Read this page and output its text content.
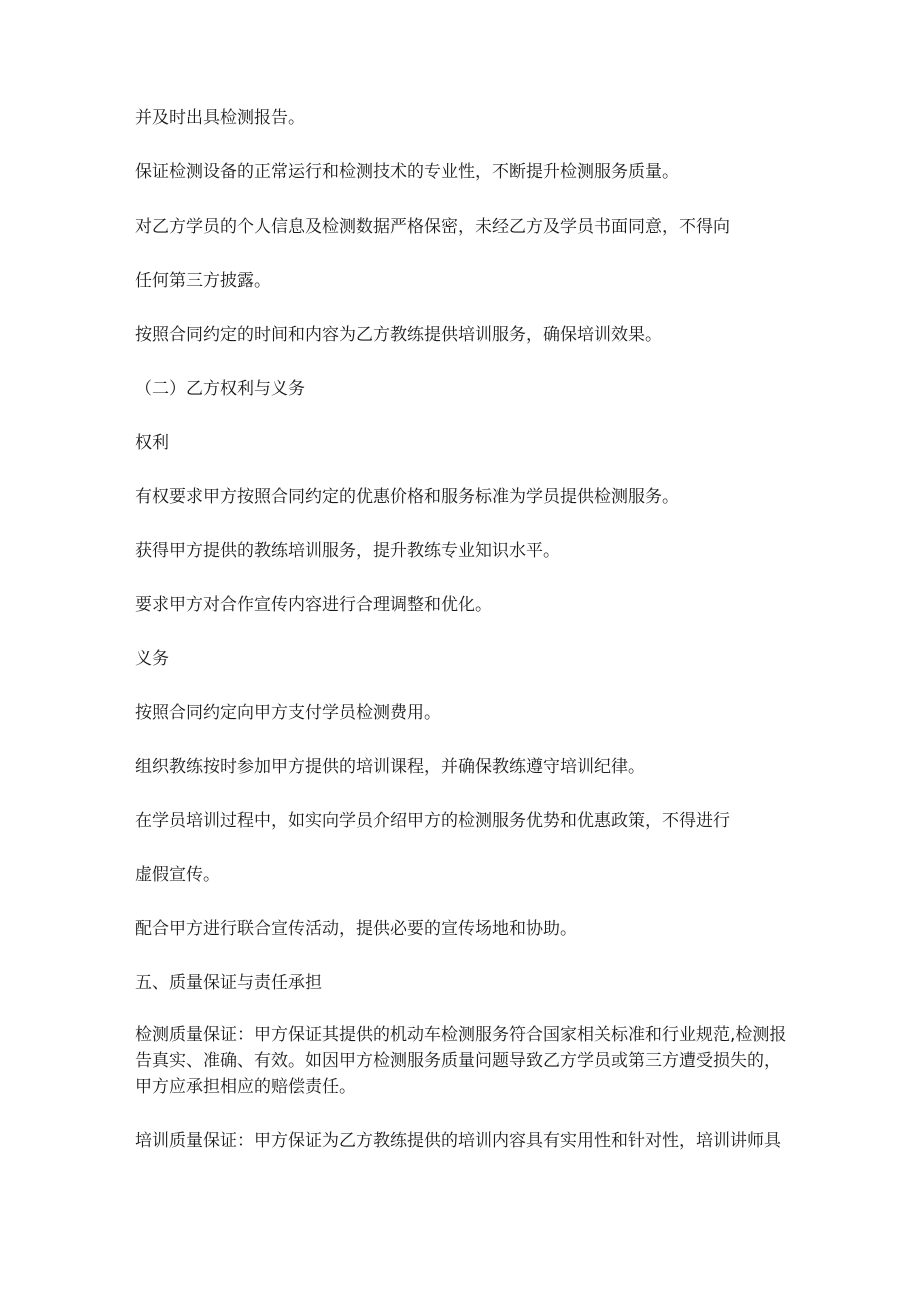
并及时出具检测报告。
保证检测设备的正常运行和检测技术的专业性，不断提升检测服务质量。
对乙方学员的个人信息及检测数据严格保密，未经乙方及学员书面同意，不得向
任何第三方披露。
按照合同约定的时间和内容为乙方教练提供培训服务，确保培训效果。
（二）乙方权利与义务
权利
有权要求甲方按照合同约定的优惠价格和服务标准为学员提供检测服务。
获得甲方提供的教练培训服务，提升教练专业知识水平。
要求甲方对合作宣传内容进行合理调整和优化。
义务
按照合同约定向甲方支付学员检测费用。
组织教练按时参加甲方提供的培训课程，并确保教练遵守培训纪律。
在学员培训过程中，如实向学员介绍甲方的检测服务优势和优惠政策，不得进行
虚假宣传。
配合甲方进行联合宣传活动，提供必要的宣传场地和协助。
五、质量保证与责任承担
检测质量保证：甲方保证其提供的机动车检测服务符合国家相关标准和行业规范,检测报告真实、准确、有效。如因甲方检测服务质量问题导致乙方学员或第三方遭受损失的，甲方应承担相应的赔偿责任。
培训质量保证：甲方保证为乙方教练提供的培训内容具有实用性和针对性，培训讲师具
